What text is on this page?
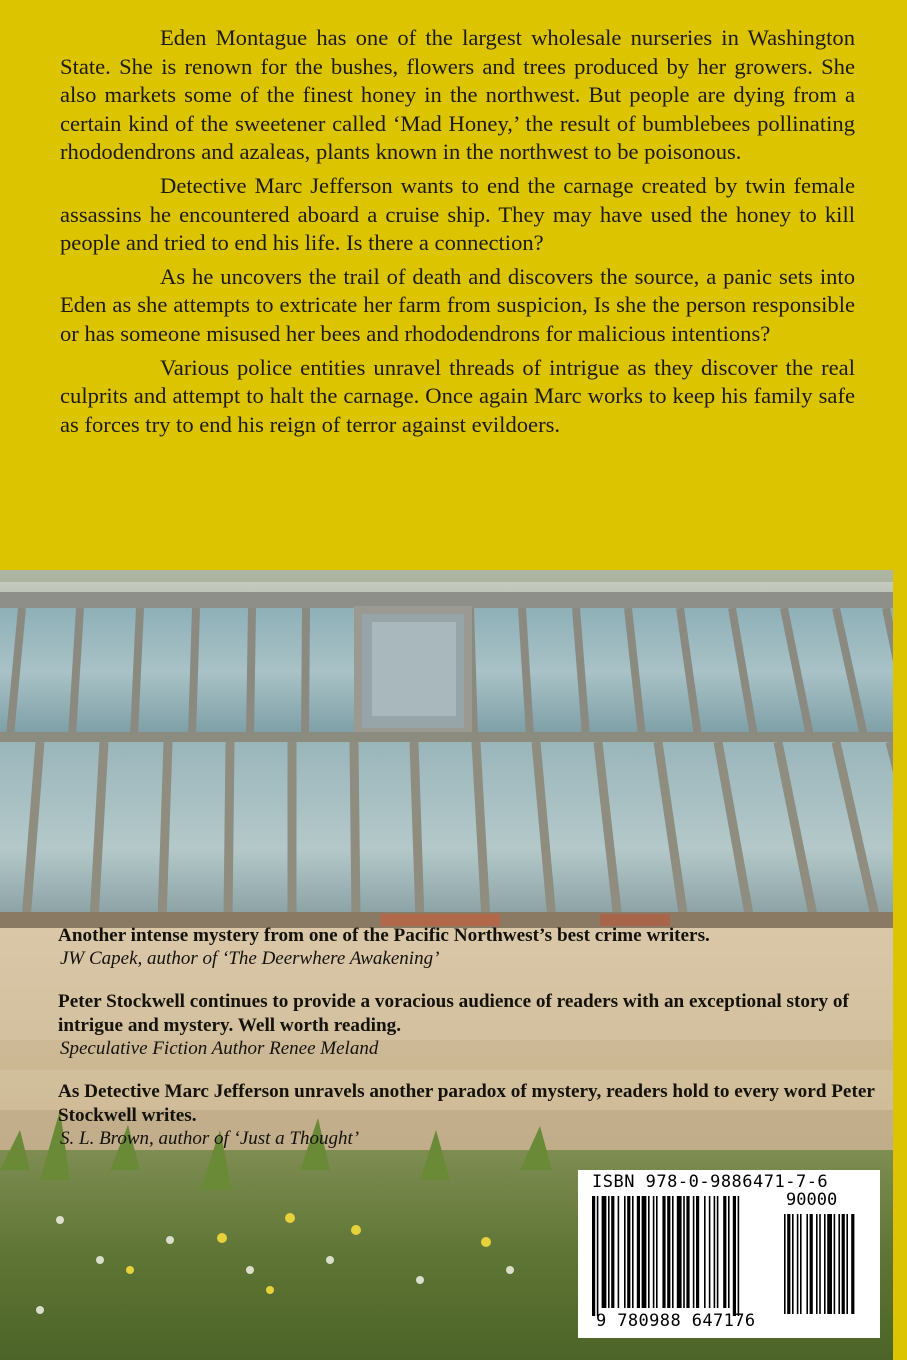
Eden Montague has one of the largest wholesale nurseries in Washington State. She is renown for the bushes, flowers and trees produced by her growers. She also markets some of the finest honey in the northwest. But people are dying from a certain kind of the sweetener called ‘Mad Honey,’ the result of bumblebees pollinating rhododendrons and azaleas, plants known in the northwest to be poisonous.

Detective Marc Jefferson wants to end the carnage created by twin female assassins he encountered aboard a cruise ship. They may have used the honey to kill people and tried to end his life. Is there a connection?

As he uncovers the trail of death and discovers the source, a panic sets into Eden as she attempts to extricate her farm from suspicion, Is she the person responsible or has someone misused her bees and rhododendrons for malicious intentions?

Various police entities unravel threads of intrigue as they discover the real culprits and attempt to halt the carnage. Once again Marc works to keep his family safe as forces try to end his reign of terror against evildoers.

Another intense mystery from one of the Pacific Northwest’s best crime writers.
JW Capek, author of ‘The Deerwhere Awakening’
Peter Stockwell continues to provide a voracious audience of readers with an exceptional story of intrigue and mystery. Well worth reading.
Speculative Fiction Author Renee Meland
As Detective Marc Jefferson unravels another paradox of mystery, readers hold to every word Peter Stockwell writes.
S. L. Brown, author of ‘Just a Thought’
ISBN 978-0-9886471-7-6
90000
9 780988 647176
